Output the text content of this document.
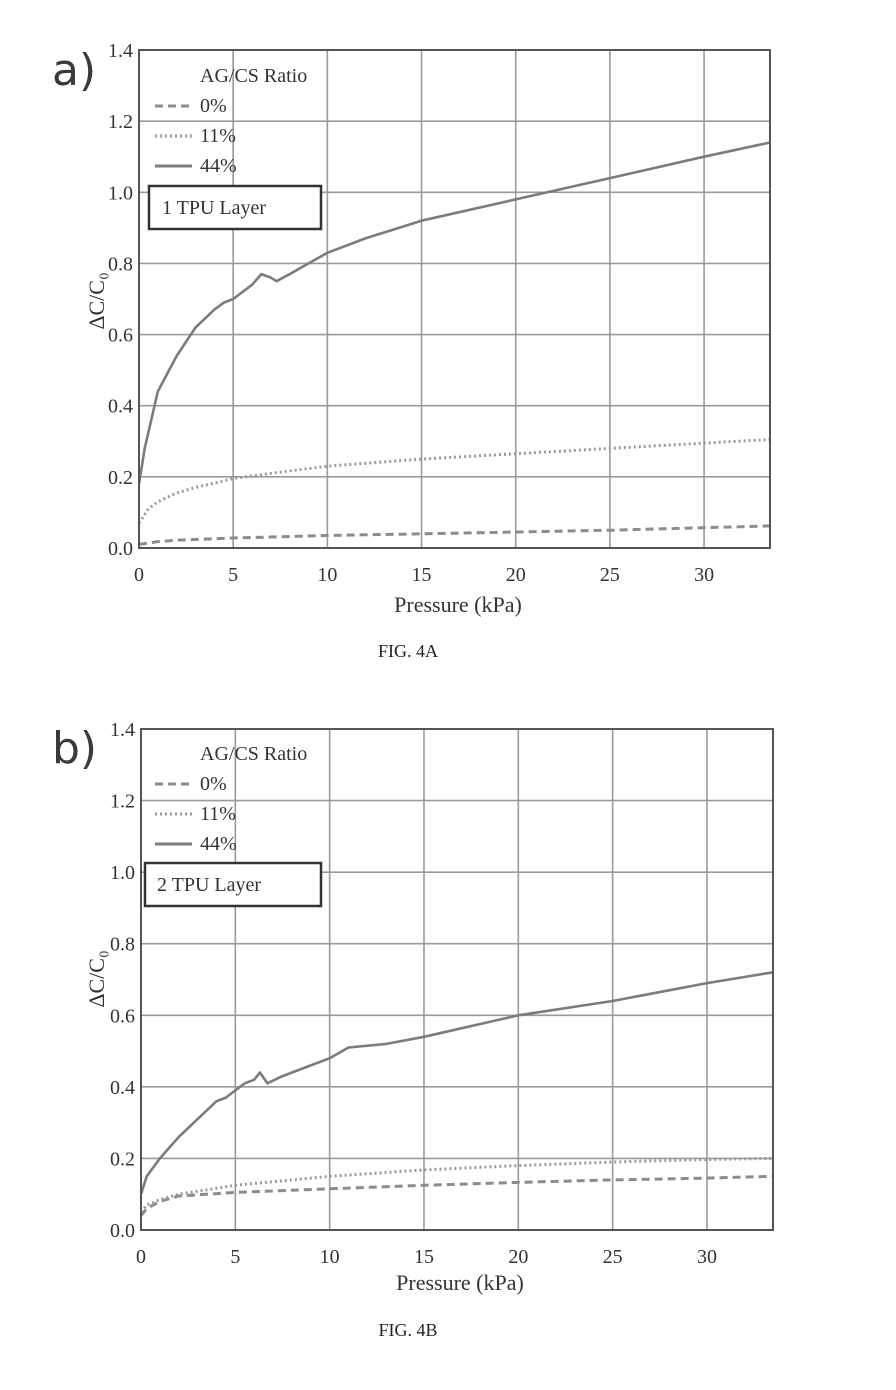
a)
0	5	10	15	20	25	30
0.0
0.2
0.4
0.6
0.8
1.0
1.2
1.4
ΔC/C₀
Pressure (kPa)
AG/CS Ratio
0%
11%
44%
1 TPU Layer
FIG. 4A
b)
0	5	10	15	20	25	30
0.0
0.2
0.4
0.6
0.8
1.0
1.2
1.4
ΔC/C₀
Pressure (kPa)
AG/CS Ratio
0%
11%
44%
2 TPU Layer
FIG. 4B
